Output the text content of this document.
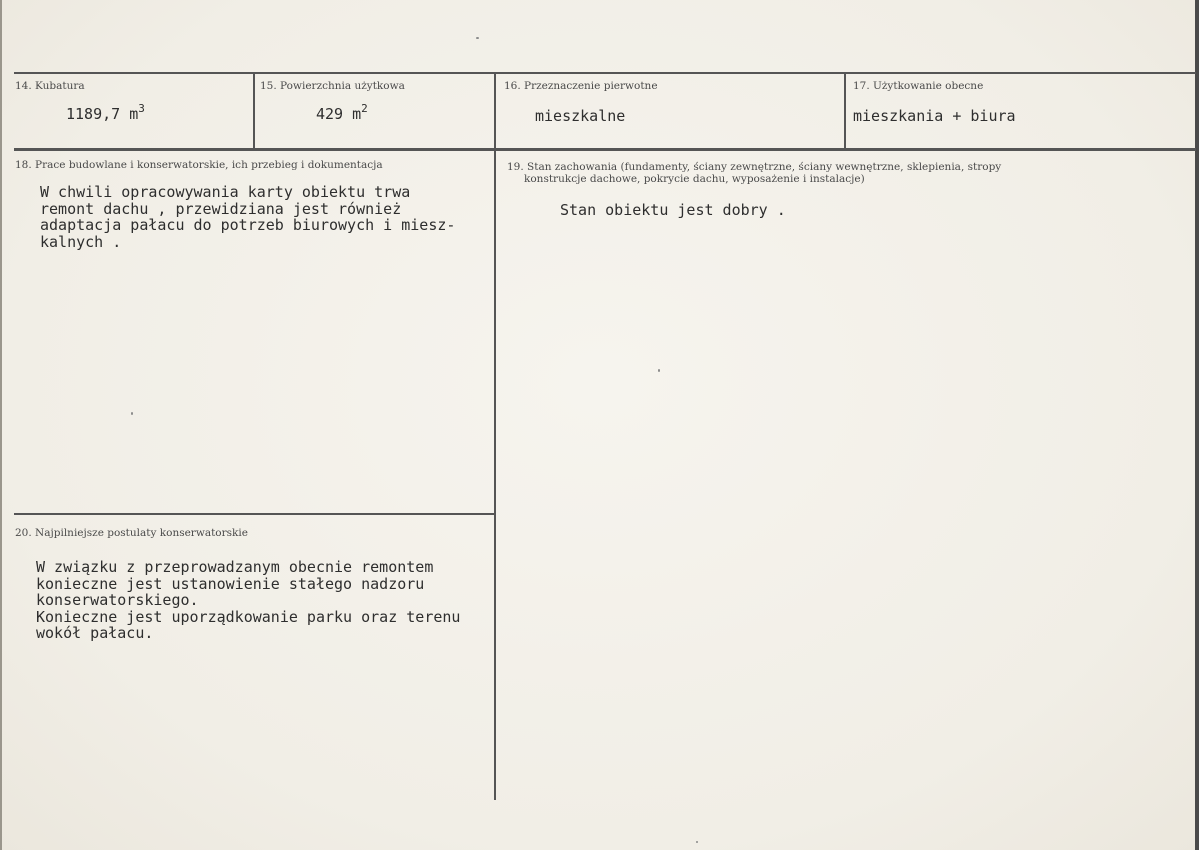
14. Kubatura
1189,7 $m^3$
15. Powierzchnia użytkowa
429 $m^2$
16. Przeznaczenie pierwotne
mieszkalne
17. Użytkowanie obecne
mieszkania + biura
18. Prace budowlane i konserwatorskie, ich przebieg i dokumentacja
W chwili opracowywania karty obiektu trwa
remont dachu , przewidziana jest również
adaptacja pałacu do potrzeb biurowych i miesz-
kalnych .
19. Stan zachowania (fundamenty, ściany zewnętrzne, ściany wewnętrzne, sklepienia, stropy
konstrukcje dachowe, pokrycie dachu, wyposażenie i instalacje)
Stan obiektu jest dobry .
20. Najpilniejsze postulaty konserwatorskie
W związku z przeprowadzanym obecnie remontem
konieczne jest ustanowienie stałego nadzoru
konserwatorskiego.
Konieczne jest uporządkowanie parku oraz terenu
wokół pałacu.
